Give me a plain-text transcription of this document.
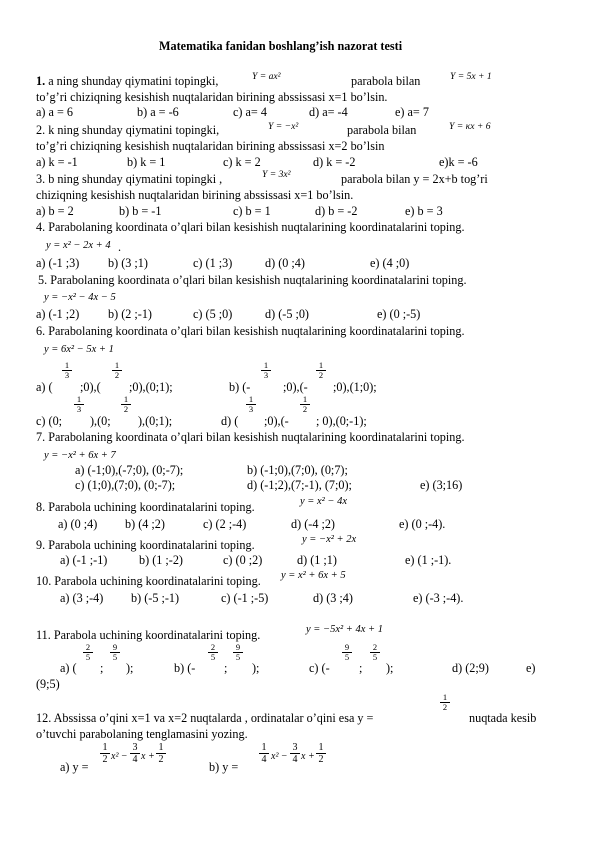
Matematika fanidan boshlang’ish nazorat testi
1. a ning shunday qiymatini topingki,	Y = ax²	parabola bilan	Y = 5x + 1
to’g’ri chiziqning kesishish nuqtalaridan birining abssissasi x=1 bo’lsin.
a) a = 6	b) a = -6	c) a= 4	d) a= -4	e) a= 7
2. k ning shunday qiymatini topingki,	Y = −x²	parabola bilan	Y = κx + 6
to’g’ri chiziqning kesishish nuqtalaridan birining abssissasi x=2 bo’lsin
a) k = -1	b) k = 1	c) k = 2	d) k = -2	e)k = -6
3. b ning shunday qiymatini topingki ,	Y = 3x²	parabola bilan y = 2x+b tog’ri
chiziqning kesishish nuqtalaridan birining abssissasi x=1 bo’lsin.
a) b = 2	b) b = -1	c) b = 1	d) b = -2	e) b = 3
4. Parabolaning koordinata o’qlari bilan kesishish nuqtalarining koordinatalarini toping.
y = x² − 2x + 4 .
a) (-1 ;3) b) (3 ;1)	c) (1 ;3)	d) (0 ;4)	e) (4 ;0)
5. Parabolaning koordinata o’qlari bilan kesishish nuqtalarining koordinatalarini toping.
y = −x² − 4x − 5
a) (-1 ;2) b) (2 ;-1)	c) (5 ;0)	d) (-5 ;0)	e) (0 ;-5)
6. Parabolaning koordinata o’qlari bilan kesishish nuqtalarining koordinatalarini toping.
y = 6x² − 5x + 1
a) (
1
3
;0),(
1
2
;0),(0;1);	b) (-
1
3
;0),(-
1
2
;0),(1;0);
c) (0;
1
3
),(0;
1
2
),(0;1);	d) (
1
3
;0),(-
1
2
; 0),(0;-1);
7. Parabolaning koordinata o’qlari bilan kesishish nuqtalarining koordinatalarini toping.
y = −x² + 6x + 7
a) (-1;0),(-7;0), (0;-7);	b) (-1;0),(7;0), (0;7);
c) (1;0),(7;0), (0;-7);	d) (-1;2),(7;-1), (7;0);	e) (3;16)
8. Parabola uchining koordinatalarini toping.	y = x² − 4x
a) (0 ;4) b) (4 ;2)	c) (2 ;-4)	d) (-4 ;2)	e) (0 ;-4).
9. Parabola uchining koordinatalarini toping.	y = −x² + 2x
a) (-1 ;-1)	b) (1 ;-2)	c) (0 ;2)	d) (1 ;1)	e) (1 ;-1).
10. Parabola uchining koordinatalarini toping. y = x² + 6x + 5
a) (3 ;-4) b) (-5 ;-1)	c) (-1 ;-5)	d) (3 ;4)	e) (-3 ;-4).
11. Parabola uchining koordinatalarini toping.	y = −5x² + 4x + 1
a) (
2
5
;
9
5
);	b) (-
2
5
;
9
5
);	c) (-
9
5
;
2
5
);	d) (2;9)	e)
(9;5)
12. Abssissa o’qini x=1 va x=2 nuqtalarda , ordinatalar o’qini esa y =
1
2
nuqtada kesib
o’tuvchi parabolaning tenglamasini yozing.
a) y =
1
2 x² −
3
4 x +
1
2
b) y =
1
4 x² −
3
4 x +
1
2
